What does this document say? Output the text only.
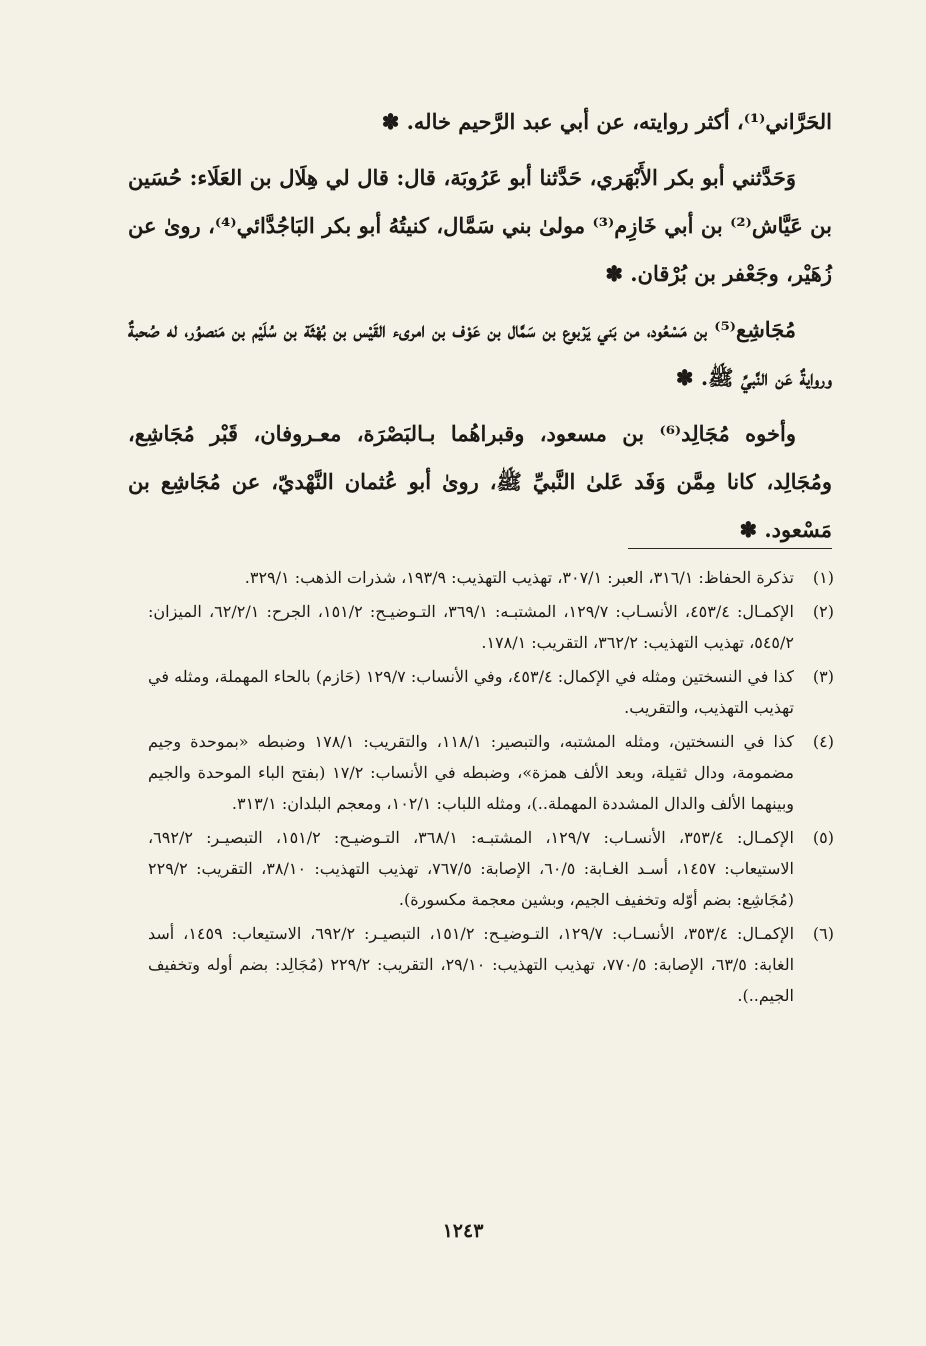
الحَرَّاني⁽¹⁾، أكثر روايته، عن أبي عبد الرَّحيم خاله. ✽

وَحَدَّثني أبو بكر الأَبْهَري، حَدَّثنا أبو عَرُوبَة، قال: قال لي هِلَال بن العَلَاء: حُسَين بن عَيَّاش⁽²⁾ بن أبي خَازِم⁽³⁾ مولىٰ بني سَمَّال، كنيتُهُ أبو بكر البَاجُدَّائي⁽⁴⁾، روىٰ عن زُهَيْر، وجَعْفر بن بُرْقان. ✽

مُجَاشِع⁽⁵⁾ بن مَسْعُود، من بَني يَرْبوع بن سَمَّال بن عَوْف بن امرىء القَيْس بن بُهْثَة بن سُلَيْم بن مَنصوُر، له صُحبةٌ وروايةٌ عَن النَّبيِّ ﷺ. ✽

وأخوه مُجَالِد⁽⁶⁾ بن مسعود، وقبراهُما بـالبَصْرَة، معـروفان، قَبْر مُجَاشِع، ومُجَالِد، كانا مِمَّن وَفَد عَلىٰ النَّبيِّ ﷺ، روىٰ أبو عُثمان النَّهْديّ، عن مُجَاشِع بن مَسْعود. ✽

(١)
تذكرة الحفاظ: ٣١٦/١، العبر: ٣٠٧/١، تهذيب التهذيب: ١٩٣/٩، شذرات الذهب: ٣٢٩/١.
(٢)
الإكمـال: ٤٥٣/٤، الأنسـاب: ١٢٩/٧، المشتبـه: ٣٦٩/١، التـوضيـح: ١٥١/٢، الجرح: ٦٢/٢/١، الميزان: ٥٤٥/٢، تهذيب التهذيب: ٣٦٢/٢، التقريب: ١٧٨/١.
(٣)
كذا في النسختين ومثله في الإكمال: ٤٥٣/٤، وفي الأنساب: ١٢٩/٧ (حَازم) بالحاء المهملة، ومثله في تهذيب التهذيب، والتقريب.
(٤)
كذا في النسختين، ومثله المشتبه، والتبصير: ١١٨/١، والتقريب: ١٧٨/١ وضبطه «بموحدة وجيم مضمومة، ودال ثقيلة، وبعد الألف همزة»، وضبطه في الأنساب: ١٧/٢ (بفتح الباء الموحدة والجيم وبينهما الألف والدال المشددة المهملة..)، ومثله اللباب: ١٠٢/١، ومعجم البلدان: ٣١٣/١.
(٥)
الإكمـال: ٣٥٣/٤، الأنسـاب: ١٢٩/٧، المشتبـه: ٣٦٨/١، التـوضيـح: ١٥١/٢، التبصيـر: ٦٩٢/٢، الاستيعاب: ١٤٥٧، أسـد الغـابة: ٦٠/٥، الإصابة: ٧٦٧/٥، تهذيب التهذيب: ٣٨/١٠، التقريب: ٢٢٩/٢ (مُجَاشِع: بضم أوّله وتخفيف الجيم، وبشين معجمة مكسورة).
(٦)
الإكمـال: ٣٥٣/٤، الأنسـاب: ١٢٩/٧، التـوضيـح: ١٥١/٢، التبصيـر: ٦٩٢/٢، الاستيعاب: ١٤٥٩، أسد الغابة: ٦٣/٥، الإصابة: ٧٧٠/٥، تهذيب التهذيب: ٢٩/١٠، التقريب: ٢٢٩/٢ (مُجَالِد: بضم أوله وتخفيف الجيم..).
١٢٤٣
